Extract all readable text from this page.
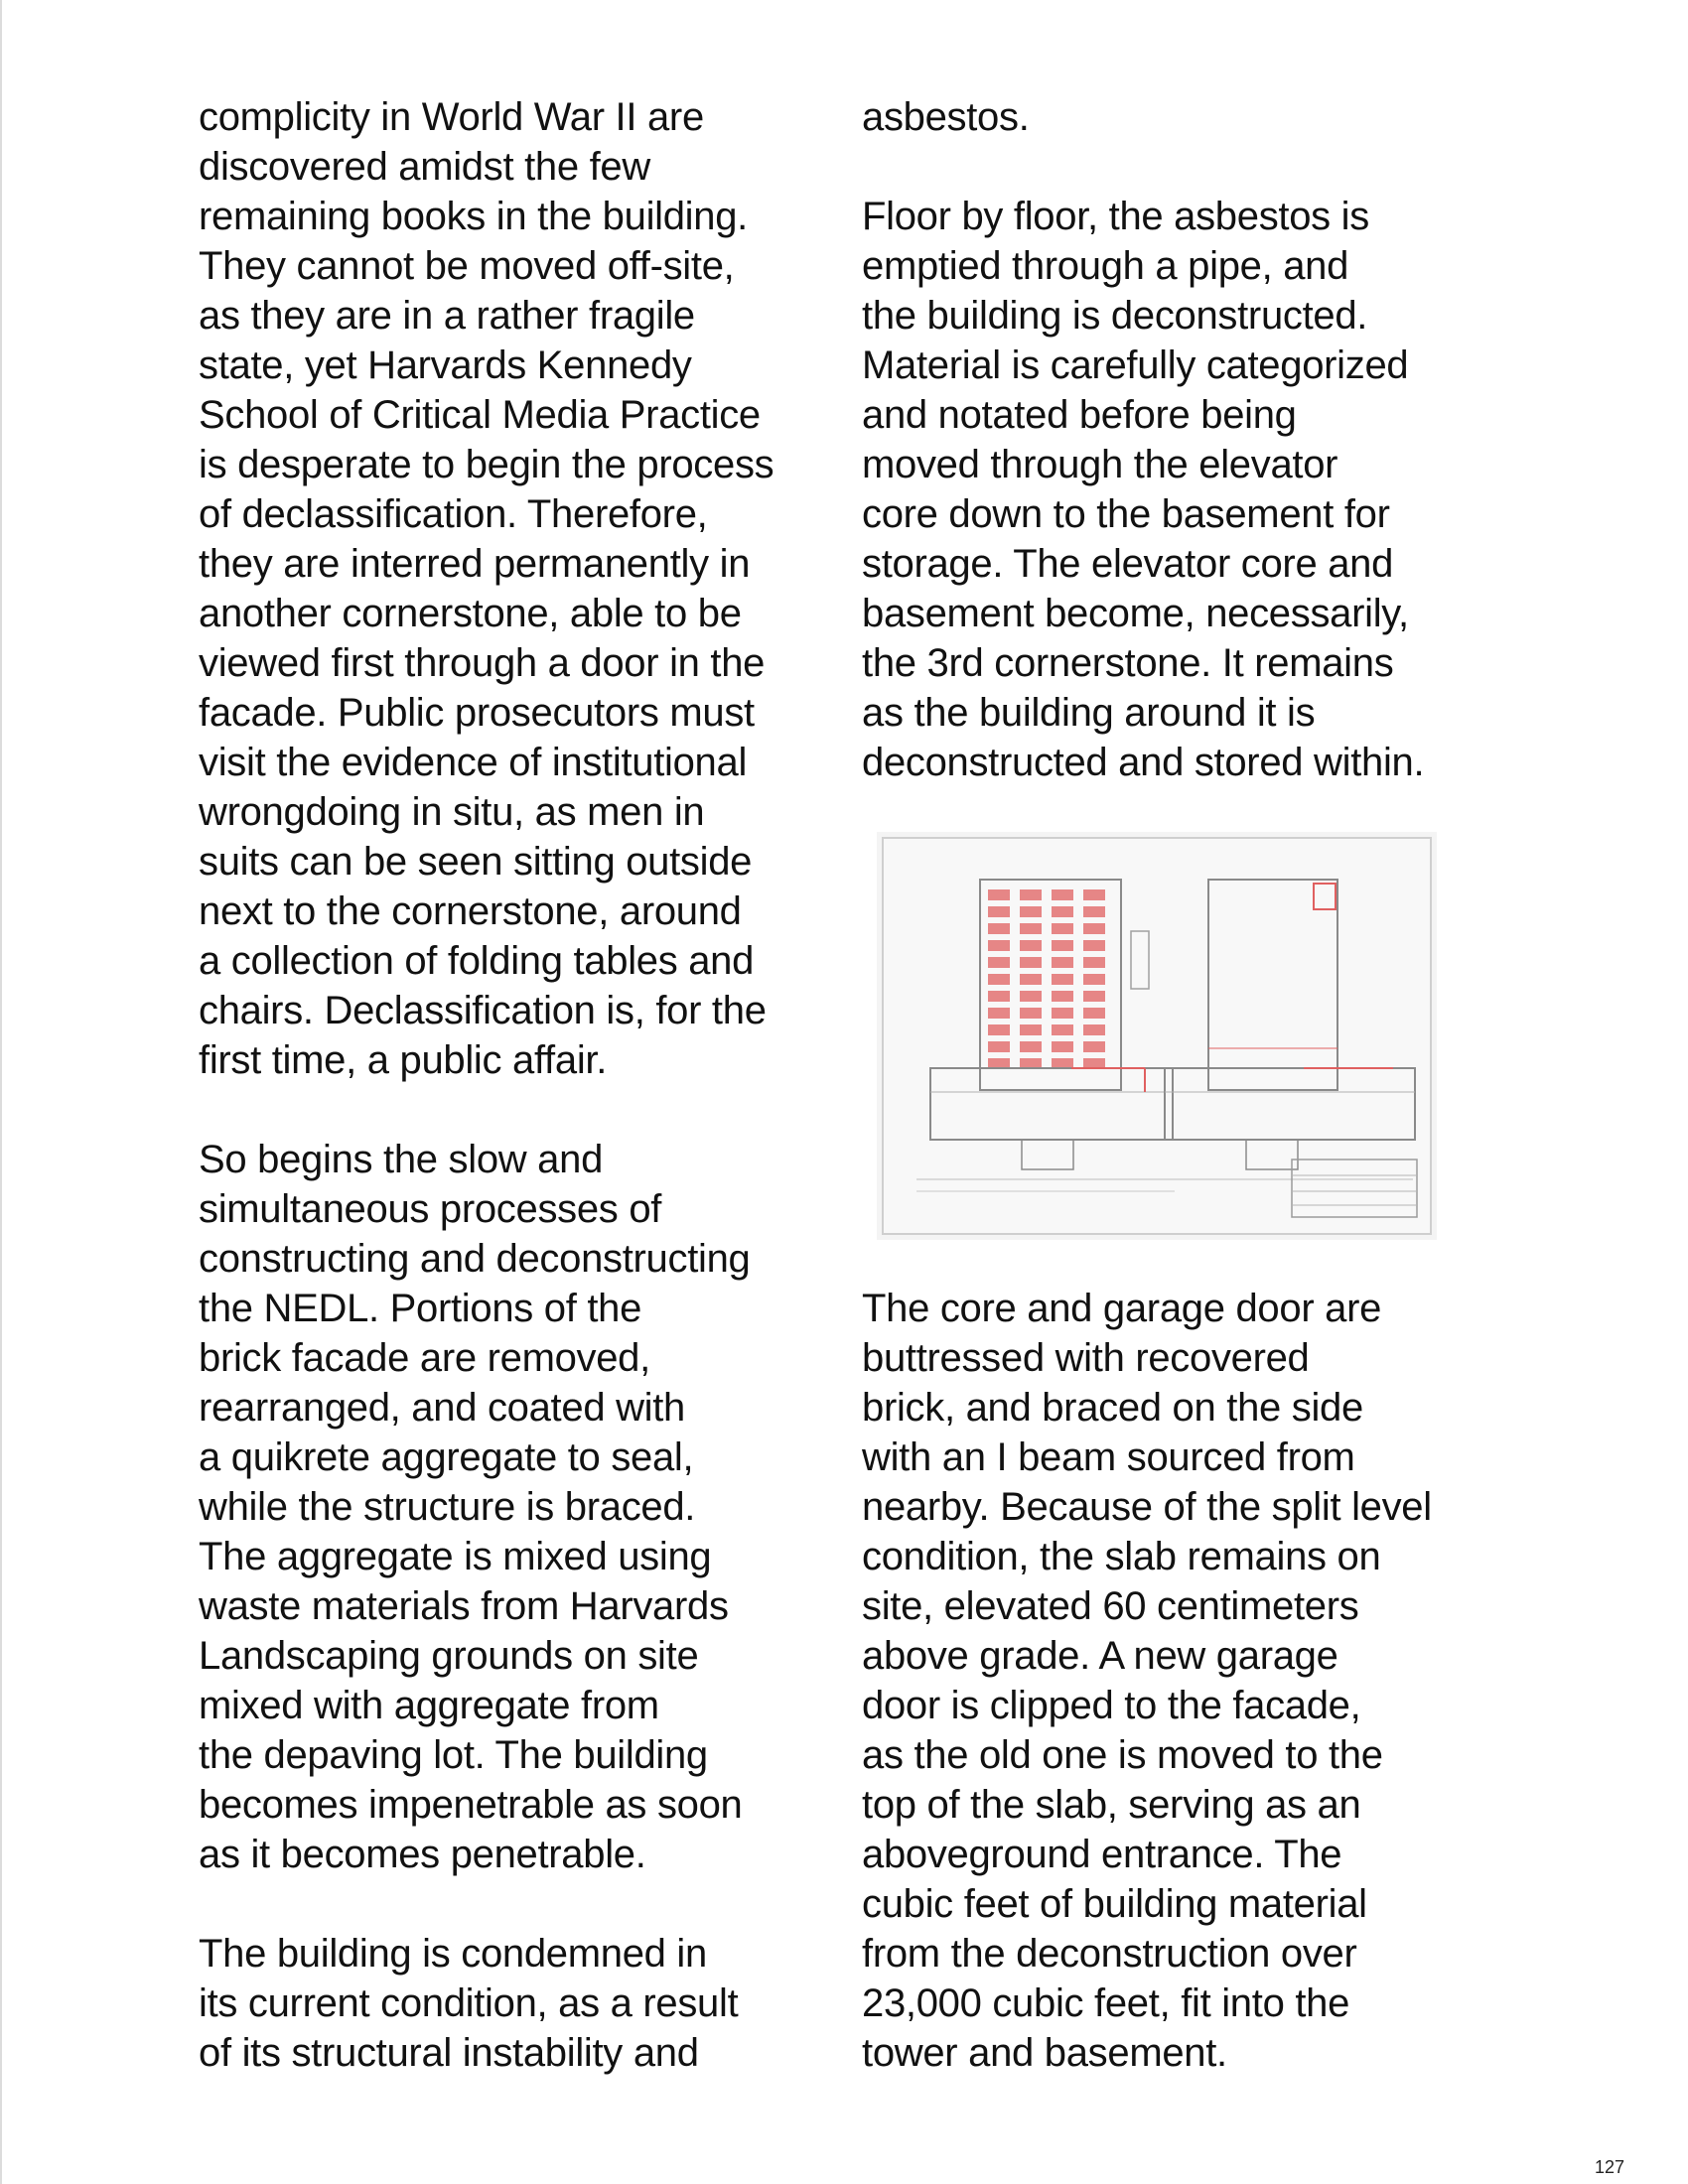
complicity in World War II are
discovered amidst the few
remaining books in the building.
They cannot be moved off-site,
as they are in a rather fragile
state, yet Harvards Kennedy
School of Critical Media Practice
is desperate to begin the process
of declassification. Therefore,
they are interred permanently in
another cornerstone, able to be
viewed first through a door in the
facade. Public prosecutors must
visit the evidence of institutional
wrongdoing in situ, as men in
suits can be seen sitting outside
next to the cornerstone, around
a collection of folding tables and
chairs. Declassification is, for the
first time, a public affair.

So begins the slow and
simultaneous processes of
constructing and deconstructing
the NEDL. Portions of the
brick facade are removed,
rearranged, and coated with
a quikrete aggregate to seal,
while the structure is braced.
The aggregate is mixed using
waste materials from Harvards
Landscaping grounds on site
mixed with aggregate from
the depaving lot. The building
becomes impenetrable as soon
as it becomes penetrable.

The building is condemned in
its current condition, as a result
of its structural instability and

asbestos.

Floor by floor, the asbestos is
emptied through a pipe, and
the building is deconstructed.
Material is carefully categorized
and notated before being
moved through the elevator
core down to the basement for
storage. The elevator core and
basement become, necessarily,
the 3rd cornerstone. It remains
as the building around it is
deconstructed and stored within.

The core and garage door are
buttressed with recovered
brick, and braced on the side
with an I beam sourced from
nearby. Because of the split level
condition, the slab remains on
site, elevated 60 centimeters
above grade. A new garage
door is clipped to the facade,
as the old one is moved to the
top of the slab, serving as an
aboveground entrance. The
cubic feet of building material
from the deconstruction over
23,000 cubic feet, fit into the
tower and basement.

127
